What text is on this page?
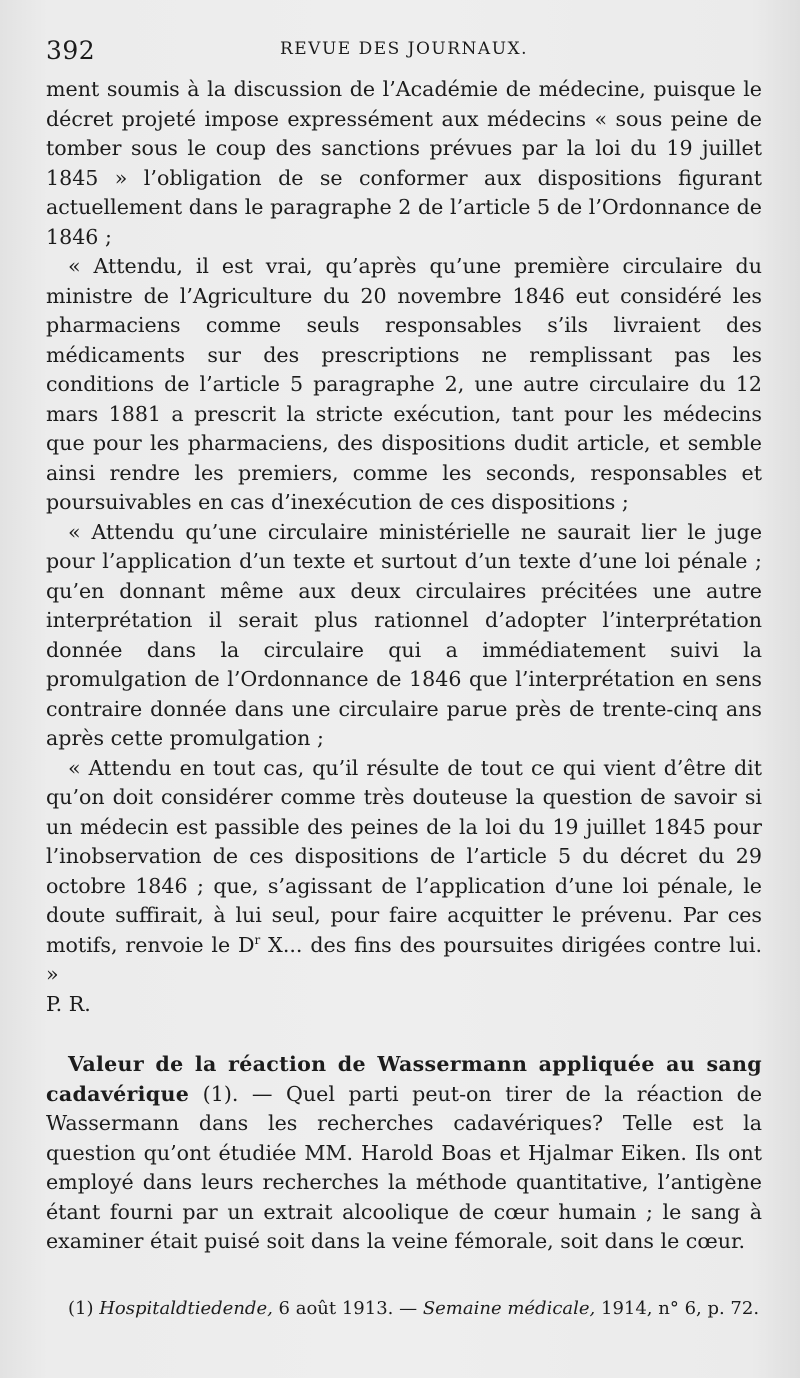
392	REVUE DES JOURNAUX.

ment soumis à la discussion de l’Académie de médecine, puisque le décret projeté impose expressément aux médecins « sous peine de tomber sous le coup des sanctions prévues par la loi du 19 juillet 1845 » l’obligation de se conformer aux dispositions figurant actuellement dans le paragraphe 2 de l’article 5 de l’Ordonnance de 1846 ;

« Attendu, il est vrai, qu’après qu’une première circulaire du ministre de l’Agriculture du 20 novembre 1846 eut considéré les pharmaciens comme seuls responsables s’ils livraient des médicaments sur des prescriptions ne remplissant pas les conditions de l’article 5 paragraphe 2, une autre circulaire du 12 mars 1881 a prescrit la stricte exécution, tant pour les médecins que pour les pharmaciens, des dispositions dudit article, et semble ainsi rendre les premiers, comme les seconds, responsables et poursuivables en cas d’inexécution de ces dispositions ;

« Attendu qu’une circulaire ministérielle ne saurait lier le juge pour l’application d’un texte et surtout d’un texte d’une loi pénale ; qu’en donnant même aux deux circulaires précitées une autre interprétation il serait plus rationnel d’adopter l’interprétation donnée dans la circulaire qui a immédiatement suivi la promulgation de l’Ordonnance de 1846 que l’interprétation en sens contraire donnée dans une circulaire parue près de trente-cinq ans après cette promulgation ;

« Attendu en tout cas, qu’il résulte de tout ce qui vient d’être dit qu’on doit considérer comme très douteuse la question de savoir si un médecin est passible des peines de la loi du 19 juillet 1845 pour l’inobservation de ces dispositions de l’article 5 du décret du 29 octobre 1846 ; que, s’agissant de l’application d’une loi pénale, le doute suffirait, à lui seul, pour faire acquitter le prévenu. Par ces motifs, renvoie le $D^r$ X... des fins des poursuites dirigées contre lui. »

P. R.

Valeur de la réaction de Wassermann appliquée au sang cadavérique (1). — Quel parti peut-on tirer de la réaction de Wassermann dans les recherches cadavériques? Telle est la question qu’ont étudiée MM. Harold Boas et Hjalmar Eiken. Ils ont employé dans leurs recherches la méthode quantitative, l’antigène étant fourni par un extrait alcoolique de cœur humain ; le sang à examiner était puisé soit dans la veine fémorale, soit dans le cœur.

(1) Hospitaldtiedende, 6 août 1913. — Semaine médicale, 1914, n° 6, p. 72.
